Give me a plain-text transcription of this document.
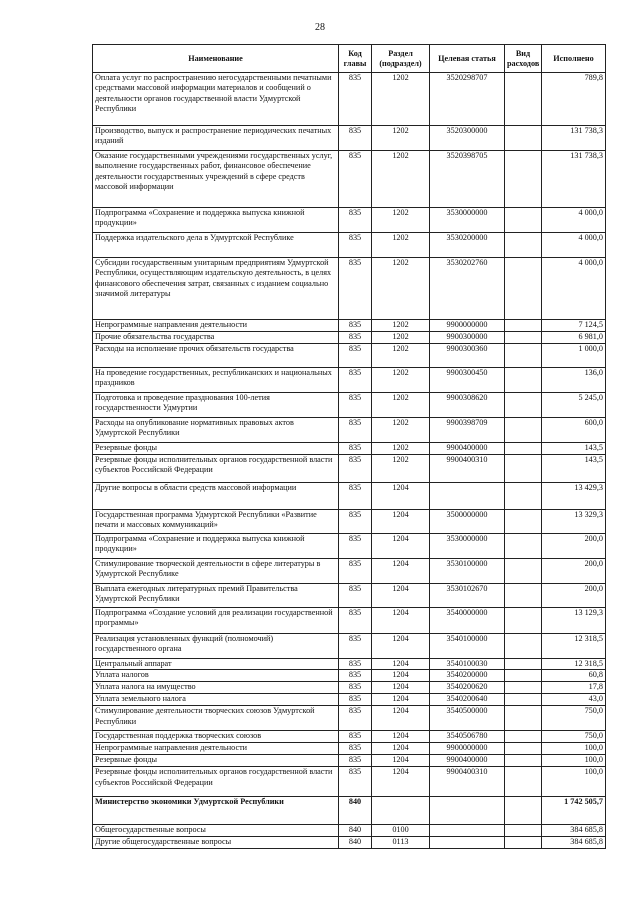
28
Наименование	Код главы	Раздел (подраздел)	Целевая статья	Вид расходов	Исполнено
Оплата услуг по распространению негосударственными печатными средствами массовой информации материалов и сообщений о деятельности органов государственной власти Удмуртской Республики	835	1202	3520298707		789,8
Производство, выпуск и распространение периодических печатных изданий	835	1202	3520300000		131 738,3
Оказание государственными учреждениями государственных услуг, выполнение государственных работ, финансовое обеспечение деятельности государственных учреждений в сфере средств массовой информации	835	1202	3520398705		131 738,3
Подпрограмма «Сохранение и поддержка выпуска книжной продукции»	835	1202	3530000000		4 000,0
Поддержка издательского дела в Удмуртской Республике	835	1202	3530200000		4 000,0
Субсидии государственным унитарным предприятиям Удмуртской Республики, осуществляющим издательскую деятельность, в целях финансового обеспечения затрат, связанных с изданием социально значимой литературы	835	1202	3530202760		4 000,0
Непрограммные направления деятельности	835	1202	9900000000		7 124,5
Прочие обязательства государства	835	1202	9900300000		6 981,0
Расходы на исполнение прочих обязательств государства	835	1202	9900300360		1 000,0
На проведение государственных, республиканских и национальных праздников	835	1202	9900300450		136,0
Подготовка и проведение празднования 100-летия государственности Удмуртии	835	1202	9900308620		5 245,0
Расходы на опубликование нормативных правовых актов Удмуртской Республики	835	1202	9900398709		600,0
Резервные фонды	835	1202	9900400000		143,5
Резервные фонды исполнительных органов государственной власти субъектов Российской Федерации	835	1202	9900400310		143,5
Другие вопросы в области средств массовой информации	835	1204			13 429,3
Государственная программа Удмуртской Республики «Развитие печати и массовых коммуникаций»	835	1204	3500000000		13 329,3
Подпрограмма «Сохранение и поддержка выпуска книжной продукции»	835	1204	3530000000		200,0
Стимулирование творческой деятельности в сфере литературы в Удмуртской Республике	835	1204	3530100000		200,0
Выплата ежегодных литературных премий Правительства Удмуртской Республики	835	1204	3530102670		200,0
Подпрограмма «Создание условий для реализации государственной программы»	835	1204	3540000000		13 129,3
Реализация установленных функций (полномочий) государственного органа	835	1204	3540100000		12 318,5
Центральный аппарат	835	1204	3540100030		12 318,5
Уплата налогов	835	1204	3540200000		60,8
Уплата налога на имущество	835	1204	3540200620		17,8
Уплата земельного налога	835	1204	3540200640		43,0
Стимулирование деятельности творческих союзов Удмуртской Республики	835	1204	3540500000		750,0
Государственная поддержка творческих союзов	835	1204	3540506780		750,0
Непрограммные направления деятельности	835	1204	9900000000		100,0
Резервные фонды	835	1204	9900400000		100,0
Резервные фонды исполнительных органов государственной власти субъектов Российской Федерации	835	1204	9900400310		100,0
Министерство экономики Удмуртской Республики	840				1 742 505,7
Общегосударственные вопросы	840	0100			384 685,8
Другие общегосударственные вопросы	840	0113			384 685,8
